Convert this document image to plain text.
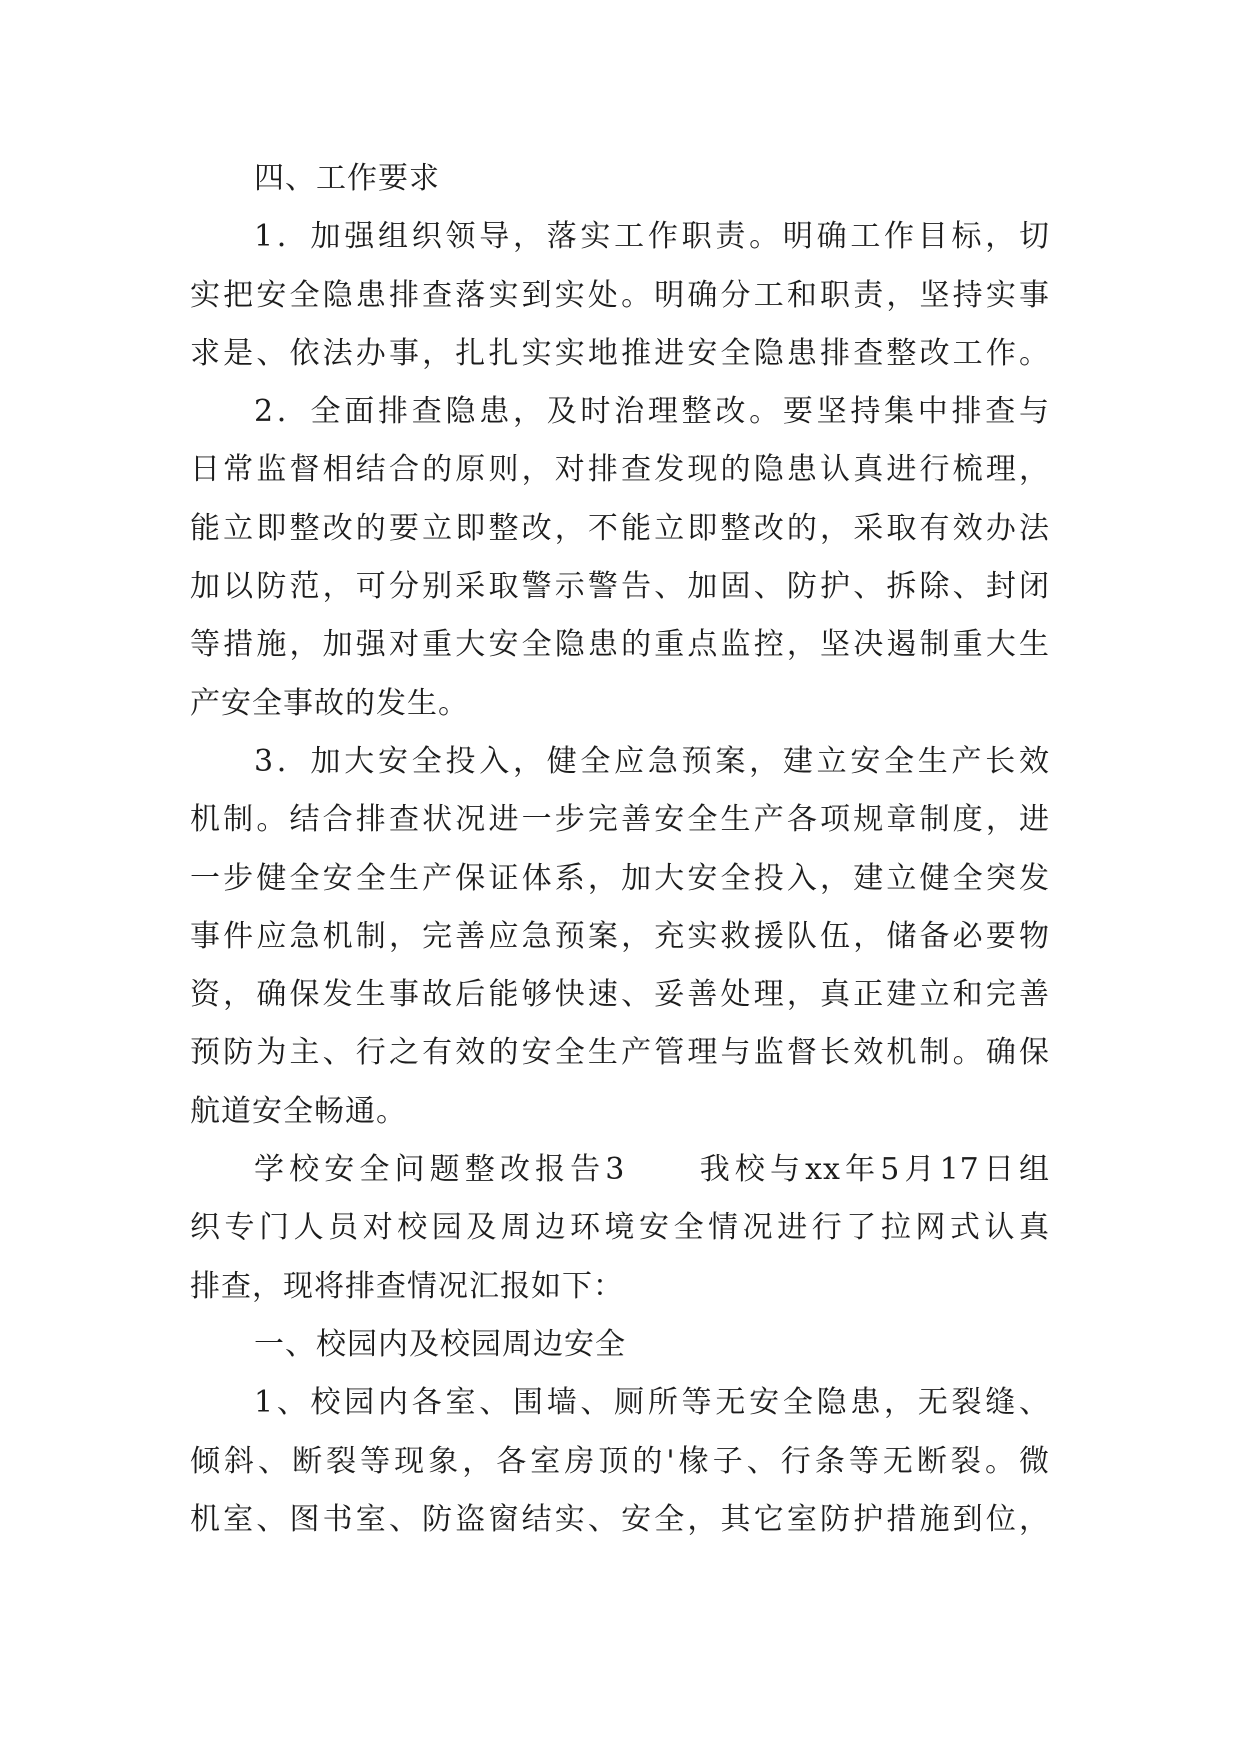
四、工作要求
1．加强组织领导，落实工作职责。明确工作目标，切
实把安全隐患排查落实到实处。明确分工和职责，坚持实事
求是、依法办事，扎扎实实地推进安全隐患排查整改工作。
2．全面排查隐患，及时治理整改。要坚持集中排查与
日常监督相结合的原则，对排查发现的隐患认真进行梳理，
能立即整改的要立即整改，不能立即整改的，采取有效办法
加以防范，可分别采取警示警告、加固、防护、拆除、封闭
等措施，加强对重大安全隐患的重点监控，坚决遏制重大生
产安全事故的发生。
3．加大安全投入，健全应急预案，建立安全生产长效
机制。结合排查状况进一步完善安全生产各项规章制度，进
一步健全安全生产保证体系，加大安全投入，建立健全突发
事件应急机制，完善应急预案，充实救援队伍，储备必要物
资，确保发生事故后能够快速、妥善处理，真正建立和完善
预防为主、行之有效的安全生产管理与监督长效机制。确保
航道安全畅通。
学校安全问题整改报告3　　我校与xx年5月17日组
织专门人员对校园及周边环境安全情况进行了拉网式认真
排查，现将排查情况汇报如下：
一、校园内及校园周边安全
1、校园内各室、围墙、厕所等无安全隐患，无裂缝、
倾斜、断裂等现象，各室房顶的'椽子、行条等无断裂。微
机室、图书室、防盗窗结实、安全，其它室防护措施到位，
